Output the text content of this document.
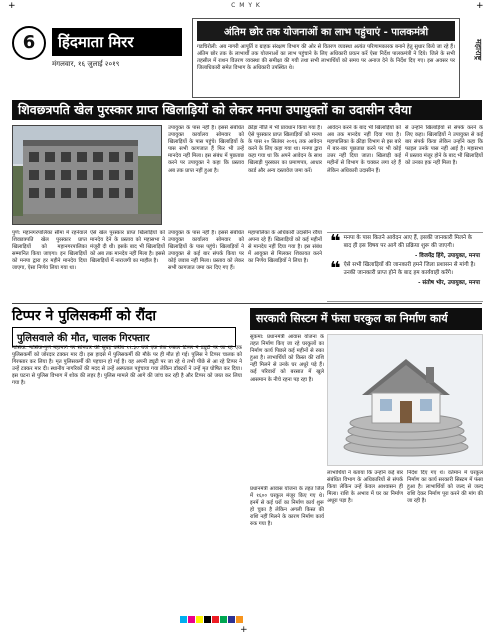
C M Y K
+	+
6	हिंदमाता मिरर
मंगलवार, १६ जुलाई २०१९
अंतिम छोर तक योजनाओं का लाभ पहुंचाएं - पालकमंत्री
गडचिरोली: अब नागरी आपूर्ति व ग्राहक संरक्षण विभाग की ओर से वितरण व्यवस्था अत्यंत परिणामकारक बनाने हेतु सुधार किये जा रहे हैं। अंतिम छोर तक के लाभार्थी तक योजनाओं का लाभ पहुंचाने के लिए अधिकारी प्रयत्न करें ऐसा निर्देश पालकमंत्री ने दिये। जिले के सभी तहसील में राशन वितरण व्यवस्था की समीक्षा की गयी तथा सभी लाभार्थियों को समय पर अनाज देने के निर्देश दिए गए। इस अवसर पर जिलाधिकारी समेत विभाग के अधिकारी उपस्थित थे।
महाराष्ट्र
शिवछत्रपति खेल पुरस्कार प्राप्त खिलाड़ियों को लेकर मनपा उपायुक्तों का उदासीन रवैया
उपायुक्त के पास नहीं है। इससे संबंधित उपायुक्त कार्यालय सोमवार को खिलाड़ियों के पास पहुंचे। खिलाड़ियों के पास सभी कागजात हैं फिर भी उन्हें मानदेय नहीं मिला। इस संबंध में पूछताछ करने पर उपायुक्त ने कहा कि प्रस्ताव अब तक प्राप्त नहीं हुआ है।
क्रीड़ा नीति में भी प्रावधान किया गया है। ऐसे पुरस्कार प्राप्त खिलाड़ियों को मनपा के पास २० सितंबर २०१६ तक आवेदन करने के लिए कहा गया था। मनपा द्वारा कहा गया था कि अपने आवेदन के साथ खिलाड़ी पुरस्कार का प्रमाणपत्र, आधार कार्ड और अन्य दस्तावेज जमा करें।
आवेदन करने के बाद भी खिलाड़ियों को अब तक मानदेय नहीं दिया गया है। महापालिका के क्रीड़ा विभाग से इस बारे में बार-बार पूछताछ करने पर भी कोई उत्तर नहीं दिया जाता। खिलाड़ी कई महीनों से विभाग के चक्कर लगा रहे हैं लेकिन अधिकारी उदासीन हैं।
से उन्होंने खिलाड़ियों से संपर्क करने के लिए कहा। खिलाड़ियों ने उपायुक्त से कई बार संपर्क किया लेकिन उन्होंने कहा कि फाइल उनके पास नहीं आई है। महासभा में प्रस्ताव मंजूर होने के बाद भी खिलाड़ियों को उनका हक नहीं मिला है।
पुणे: महानगरपालिका सीमा में रहनेवाले शिवछत्रपति खेल पुरस्कार प्राप्त खिलाड़ियों को महानगरपालिका सम्मानित किया जाएगा। इन खिलाड़ियों को मनपा द्वारा हर महीने मानदेय दिया जाएगा, ऐसा निर्णय लिया गया था।
ऐसे खेल पुरस्कार प्राप्त खिलाड़ियों को मानदेय देने के प्रस्ताव को महासभा ने मंजूरी दी थी। इसके बाद भी खिलाड़ियों को अब तक मानदेय नहीं मिला है। इससे खिलाड़ियों में नाराजगी का माहौल है।
उपायुक्त के पास नहीं है। इससे संबंधित उपायुक्त कार्यालय सोमवार को खिलाड़ियों के पास पहुंचे। खिलाड़ियों ने उपायुक्त से कई बार संपर्क किया पर कोई जवाब नहीं मिला। प्रस्ताव को लेकर सभी कागजात जमा कर दिए गए हैं।
महापालिका के अधिकारी उदासीन रवैया अपना रहे हैं। खिलाड़ियों को कई महीनों से मानदेय नहीं दिया गया है। इस संबंध में आयुक्त से मिलकर शिकायत करने का निर्णय खिलाड़ियों ने लिया है।
❝ मनपा के पास कितने आवेदन आए हैं, इसकी जानकारी मिलने के बाद ही इस विषय पर आगे की प्रक्रिया शुरू की जाएगी।
- विजयेंद्र हिंगे, उपायुक्त, मनपा
❝ ऐसे सभी खिलाड़ियों की जानकारी हमने जिला प्रशासन से मांगी है। उनकी जानकारी प्राप्त होने के बाद हम कार्यवाही करेंगे।
- संतोष भोर, उपायुक्त, मनपा
टिप्पर ने पुलिसकर्मी को रौंदा
पुलिसवाले की मौत, चालक गिरफ्तार
नासिक: नासिक-पुणे महामार्ग पर सोमवार की सुबह करीब ११.३० बजे एक तेज रफ्तार टिप्पर ने ड्यूटी पर जा रहे एक पुलिसकर्मी को जोरदार टक्कर मार दी। इस हादसे में पुलिसकर्मी की मौके पर ही मौत हो गई। पुलिस ने टिप्पर चालक को गिरफ्तार कर लिया है। मृत पुलिसकर्मी की पहचान हो गई है। वह अपनी ड्यूटी पर जा रहे थे तभी पीछे से आ रहे टिप्पर ने उन्हें टक्कर मार दी। स्थानीय नागरिकों की मदद से उन्हें अस्पताल पहुंचाया गया लेकिन डॉक्टरों ने उन्हें मृत घोषित कर दिया। इस घटना से पुलिस विभाग में शोक की लहर है। पुलिस मामले की आगे की जांच कर रही है और टिप्पर को जब्त कर लिया गया है।
सरकारी सिस्टम में फंसा घरकुल का निर्माण कार्य
सुकमा: प्रधानमंत्री आवास योजना के तहत निर्माण किए जा रहे घरकुलों का निर्माण कार्य पिछले कई महीनों से रुका हुआ है। लाभार्थियों को किस्त की राशि नहीं मिलने से उनके घर अधूरे पड़े हैं। कई परिवारों को बरसात में खुले आसमान के नीचे रहना पड़ रहा है।
प्रधानमंत्री आवास योजना के तहत जिले में १६०० घरकुल मंजूर किए गए थे। इनमें से कई घरों का निर्माण कार्य शुरू हो चुका है लेकिन अगली किस्त की राशि नहीं मिलने के कारण निर्माण कार्य रुक गया है।
लाभार्थियों ने बताया कि उन्होंने कई बार संबंधित विभाग के अधिकारियों से संपर्क किया लेकिन उन्हें केवल आश्वासन ही मिला। राशि के अभाव में घर का निर्माण अधूरा पड़ा है।
निर्देश दिए गए थे। वर्तमान में घरकुल निर्माण का कार्य सरकारी सिस्टम में फंसा हुआ है। लाभार्थियों को जल्द से जल्द राशि देकर निर्माण पूरा करने की मांग की जा रही है।
+
